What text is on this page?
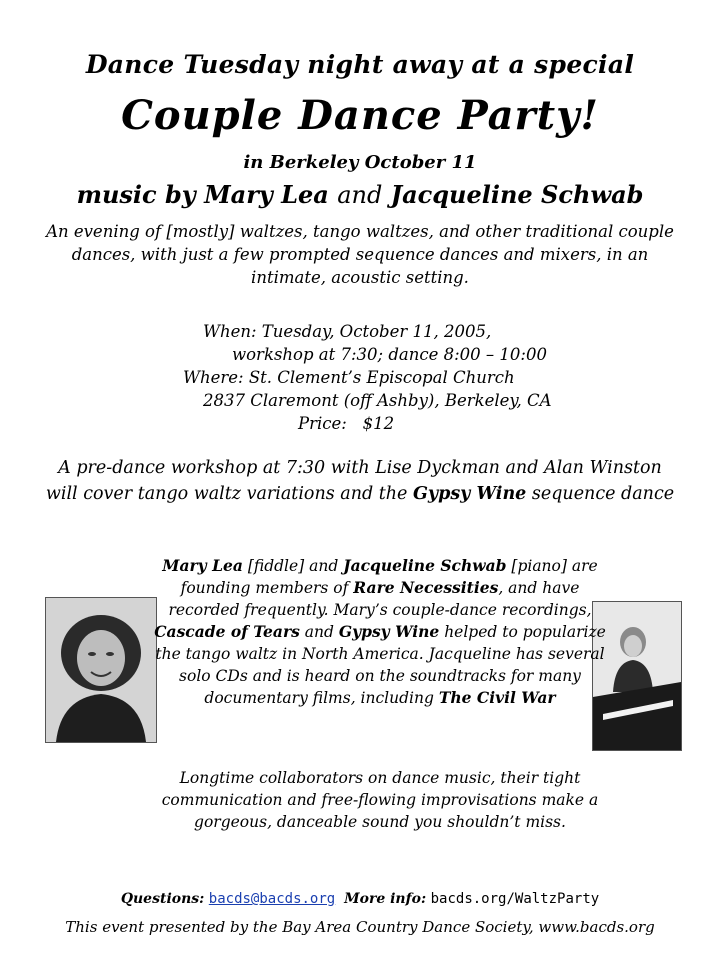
Dance Tuesday night away at a special
Couple Dance Party!
in Berkeley October 11
music by Mary Lea and Jacqueline Schwab
An evening of [mostly] waltzes, tango waltzes, and other traditional couple dances, with just a few prompted sequence dances and mixers, in an intimate, acoustic setting.
When: Tuesday, October 11, 2005,
workshop at 7:30; dance 8:00 – 10:00
Where: St. Clement’s Episcopal Church
2837 Claremont (off Ashby), Berkeley, CA
Price: $12
A pre-dance workshop at 7:30 with Lise Dyckman and Alan Winston will cover tango waltz variations and the Gypsy Wine sequence dance
Mary Lea [fiddle] and Jacqueline Schwab [piano] are founding members of Rare Necessities, and have recorded frequently. Mary’s couple-dance recordings, Cascade of Tears and Gypsy Wine helped to popularize the tango waltz in North America. Jacqueline has several solo CDs and is heard on the soundtracks for many documentary films, including The Civil War
Longtime collaborators on dance music, their tight communication and free-flowing improvisations make a gorgeous, danceable sound you shouldn’t miss.
Questions: bacds@bacds.org More info: bacds.org/WaltzParty
This event presented by the Bay Area Country Dance Society, www.bacds.org
